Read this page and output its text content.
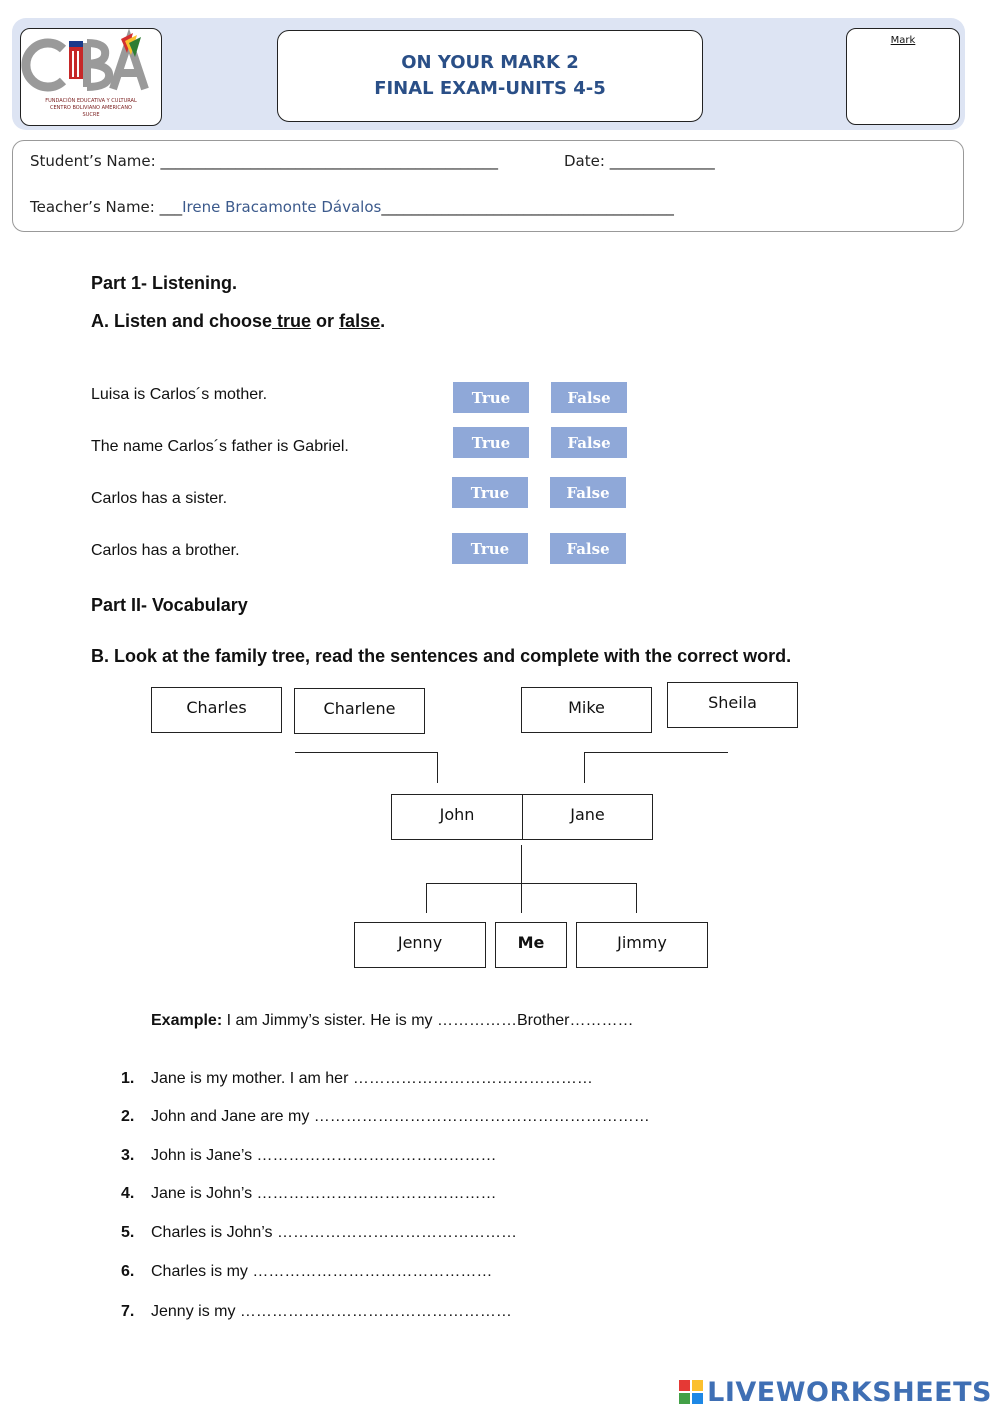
FUNDACIÓN EDUCATIVA Y CULTURAL
CENTRO BOLIVIANO AMERICANO
SUCRE
ON YOUR MARK 2
FINAL EXAM-UNITS 4-5
Mark
Student’s Name: _____________________________________________	Date: ______________
Teacher’s Name: ___Irene Bracamonte Dávalos_______________________________________
Part 1- Listening.
A. Listen and choose true or false.
Luisa is Carlos´s mother.	True	False
The name Carlos´s father is Gabriel.	True	False
Carlos has a sister.	True	False
Carlos has a brother.	True	False
Part II- Vocabulary
B. Look at the family tree, read the sentences and complete with the correct word.
Charles	Charlene	Mike	Sheila
John	Jane
Jenny	Me	Jimmy
Example: I am Jimmy’s sister. He is my ……………Brother…………
1. Jane is my mother. I am her ………………………………………
2. John and Jane are my ………………………………………………………
3. John is Jane’s ………………………………………
4. Jane is John’s ………………………………………
5. Charles is John’s ………………………………………
6. Charles is my ………………………………………
7. Jenny is my ……………………………………………
LIVEWORKSHEETS
